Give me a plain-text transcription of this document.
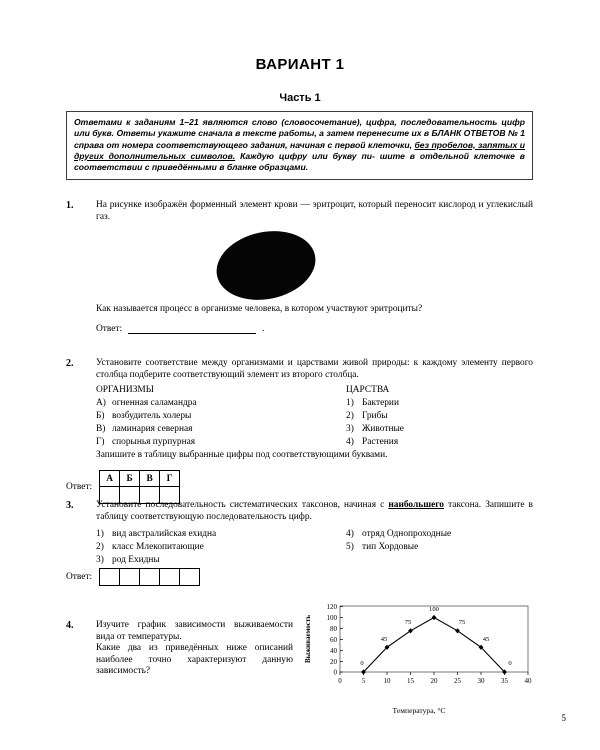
ВАРИАНТ 1
Часть 1
Ответами к заданиям 1–21 являются слово (словосочетание), цифра, последовательность цифр или букв. Ответы укажите сначала в тексте работы, а затем перенесите их в БЛАНК ОТВЕТОВ № 1 справа от номера соответствующего задания, начиная с первой клеточки, без пробелов, запятых и других дополнительных символов. Каждую цифру или букву пи- шите в отдельной клеточке в соответствии с приведёнными в бланке образцами.
1. На рисунке изображён форменный элемент крови — эритроцит, который переносит кислород и углекислый газ.
Как называется процесс в организме человека, в котором участвуют эритроциты?
Ответ:	.
2. Установите соответствие между организмами и царствами живой природы: к каждому элементу первого столбца подберите соответствующий элемент из второго столбца.
ОРГАНИЗМЫ
А) огненная саламандра
Б) возбудитель холеры
В) ламинария северная
Г) спорынья пурпурная
ЦАРСТВА
1) Бактерии
2) Грибы
3) Животные
4) Растения
Запишите в таблицу выбранные цифры под соответствующими буквами.
Ответ:
А	Б	В	Г

3. Установите последовательность систематических таксонов, начиная с наибольшего таксона. Запишите в таблицу соответствующую последовательность цифр.
1) вид австралийская ехидна
2) класс Млекопитающие
3) род Ехидны
4) отряд Однопроходные
5) тип Хордовые
Ответ:

4. Изучите график зависимости выживаемости вида от температуры.
Какие два из приведённых ниже описаний наиболее точно характеризуют данную зависимость?
120
100
80
60
40
20
0
0	5	10 15 20 25 30 35 40
Выживаемость
0
45
75
100
75
45
0
Температура, °С
5
